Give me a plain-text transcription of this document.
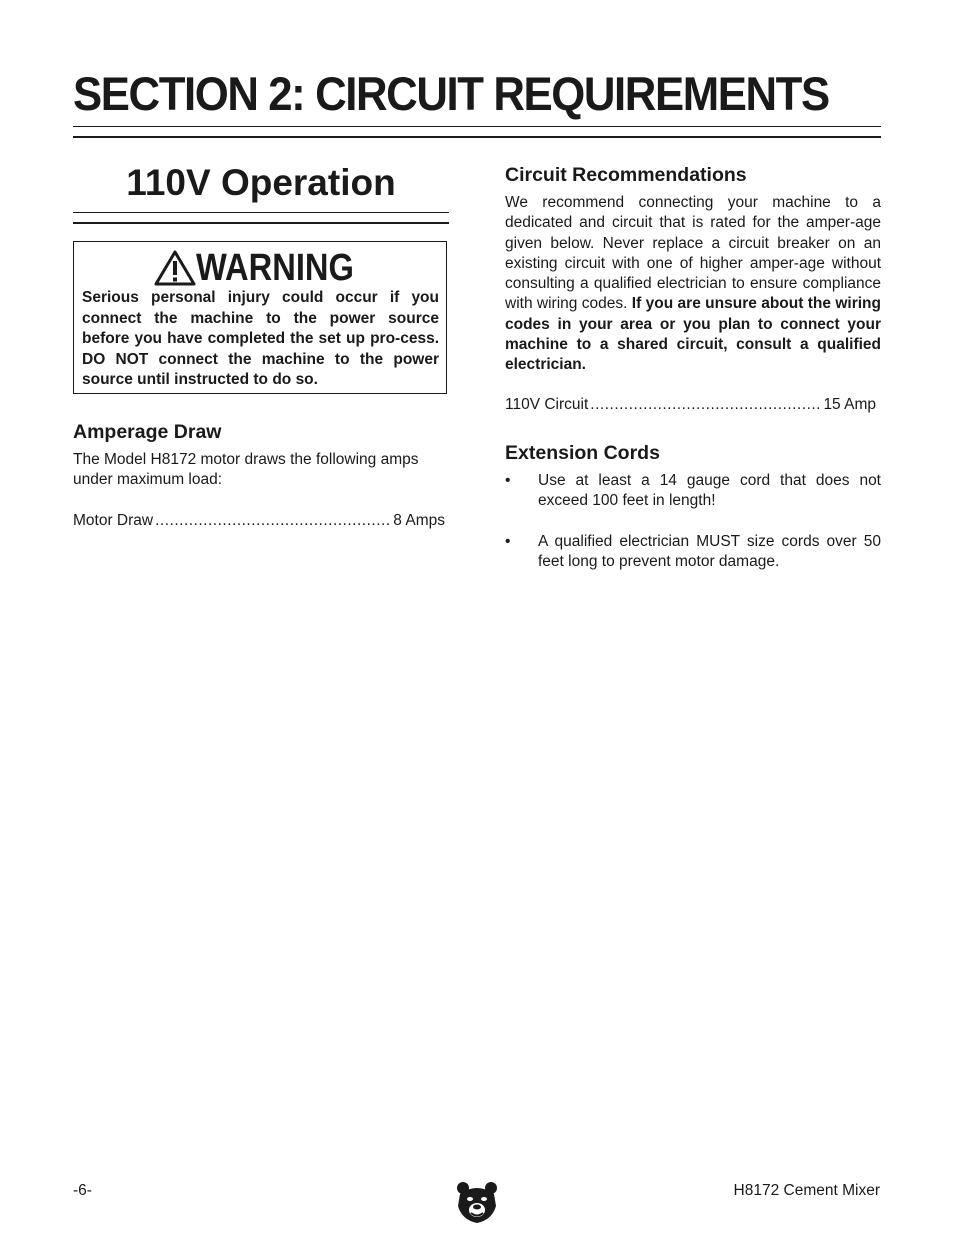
SECTION 2: CIRCUIT REQUIREMENTS
110V Operation
WARNING

Serious personal injury could occur if you connect the machine to the power source before you have completed the set up pro-cess. DO NOT connect the machine to the power source until instructed to do so.

Amperage Draw

The Model H8172 motor draws the following amps under maximum load:

Motor Draw .....	8 Amps
Circuit Recommendations

We recommend connecting your machine to a dedicated and circuit that is rated for the amper-age given below. Never replace a circuit breaker on an existing circuit with one of higher amper-age without consulting a qualified electrician to ensure compliance with wiring codes. If you are unsure about the wiring codes in your area or you plan to connect your machine to a shared circuit, consult a qualified electrician.

110V Circuit .....	15 Amp
Extension Cords
•	Use at least a 14 gauge cord that does not exceed 100 feet in length!
•	A qualified electrician MUST size cords over 50 feet long to prevent motor damage.
-6-	H8172 Cement Mixer
